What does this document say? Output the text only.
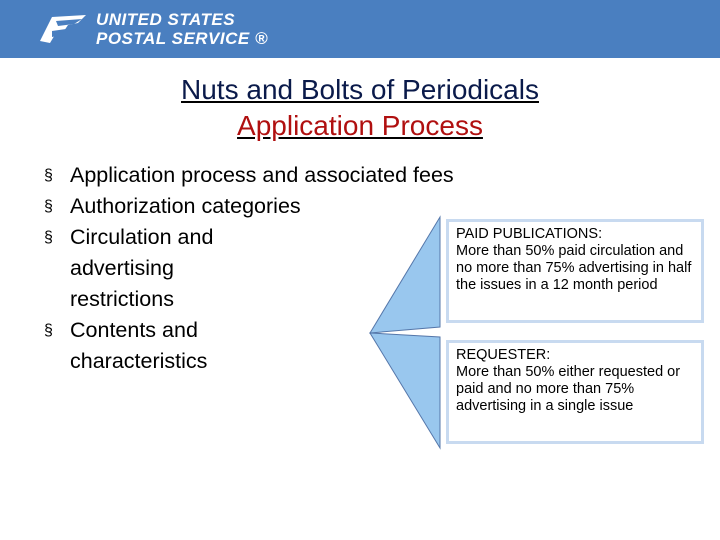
UNITED STATES
POSTAL SERVICE ®
Nuts and Bolts of Periodicals
Application Process
§ Application process and associated fees
§ Authorization categories
§ Circulation and advertising restrictions
§ Contents and characteristics
PAID PUBLICATIONS:
More than 50% paid circulation and no more than 75% advertising in half the issues in a 12 month period
REQUESTER:
More than 50% either requested or paid and no more than 75% advertising in a single issue
